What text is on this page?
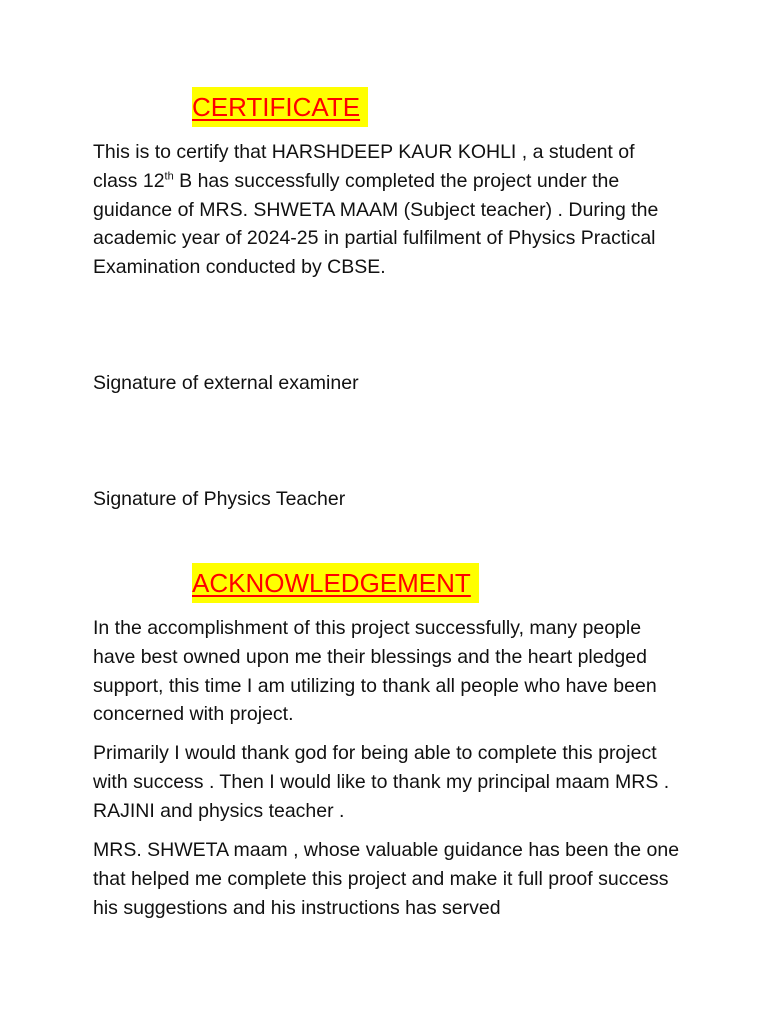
CERTIFICATE

This is to certify that HARSHDEEP KAUR KOHLI , a student of class 12th B has successfully completed the project under the guidance of MRS. SHWETA MAAM (Subject teacher) . During the academic year of 2024-25 in partial fulfilment of Physics Practical Examination conducted by CBSE.

Signature of external examiner

Signature of Physics Teacher

ACKNOWLEDGEMENT

In the accomplishment of this project successfully, many people have best owned upon me their blessings and the heart pledged support, this time I am utilizing to thank all people who have been concerned with project.

Primarily I would thank god for being able to complete this project with success . Then I would like to thank my principal maam MRS . RAJINI and physics teacher .

MRS. SHWETA maam , whose valuable guidance has been the one that helped me complete this project and make it full proof success his suggestions and his instructions has served
